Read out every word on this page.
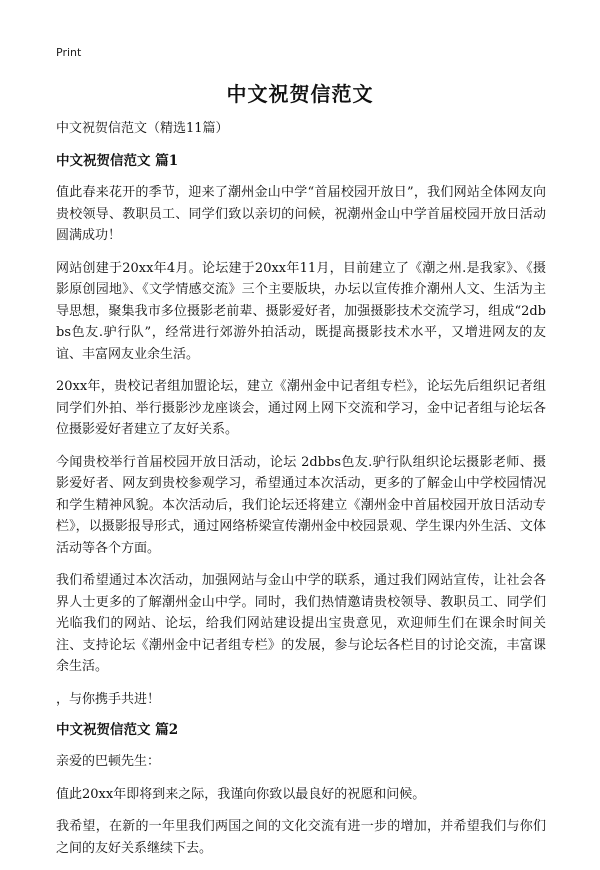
Print
中文祝贺信范文
中文祝贺信范文（精选11篇）
中文祝贺信范文 篇1

值此春来花开的季节，迎来了潮州金山中学“首届校园开放日”，我们网站全体网友向贵校领导、教职员工、同学们致以亲切的问候，祝潮州金山中学首届校园开放日活动圆满成功！

网站创建于20xx年4月。论坛建于20xx年11月，目前建立了《潮之州.是我家》、《摄影原创园地》、《文学情感交流》三个主要版块，办坛以宣传推介潮州人文、生活为主导思想，聚集我市多位摄影老前辈、摄影爱好者，加强摄影技术交流学习，组成“2dbbs色友.驴行队”，经常进行郊游外拍活动，既提高摄影技术水平，又增进网友的友谊、丰富网友业余生活。

20xx年，贵校记者组加盟论坛，建立《潮州金中记者组专栏》，论坛先后组织记者组同学们外拍、举行摄影沙龙座谈会，通过网上网下交流和学习，金中记者组与论坛各位摄影爱好者建立了友好关系。

今闻贵校举行首届校园开放日活动，论坛 2dbbs色友.驴行队组织论坛摄影老师、摄影爱好者、网友到贵校参观学习，希望通过本次活动，更多的了解金山中学校园情况和学生精神风貌。本次活动后，我们论坛还将建立《潮州金中首届校园开放日活动专栏》，以摄影报导形式，通过网络桥梁宣传潮州金中校园景观、学生课内外生活、文体活动等各个方面。

我们希望通过本次活动，加强网站与金山中学的联系，通过我们网站宣传，让社会各界人士更多的了解潮州金山中学。同时，我们热情邀请贵校领导、教职员工、同学们光临我们的网站、论坛，给我们网站建设提出宝贵意见，欢迎师生们在课余时间关注、支持论坛《潮州金中记者组专栏》的发展，参与论坛各栏目的讨论交流，丰富课余生活。

，与你携手共进！

中文祝贺信范文 篇2

亲爱的巴顿先生：

值此20xx年即将到来之际，我谨向你致以最良好的祝愿和问候。

我希望，在新的一年里我们两国之间的文化交流有进一步的增加，并希望我们与你们之间的友好关系继续下去。
